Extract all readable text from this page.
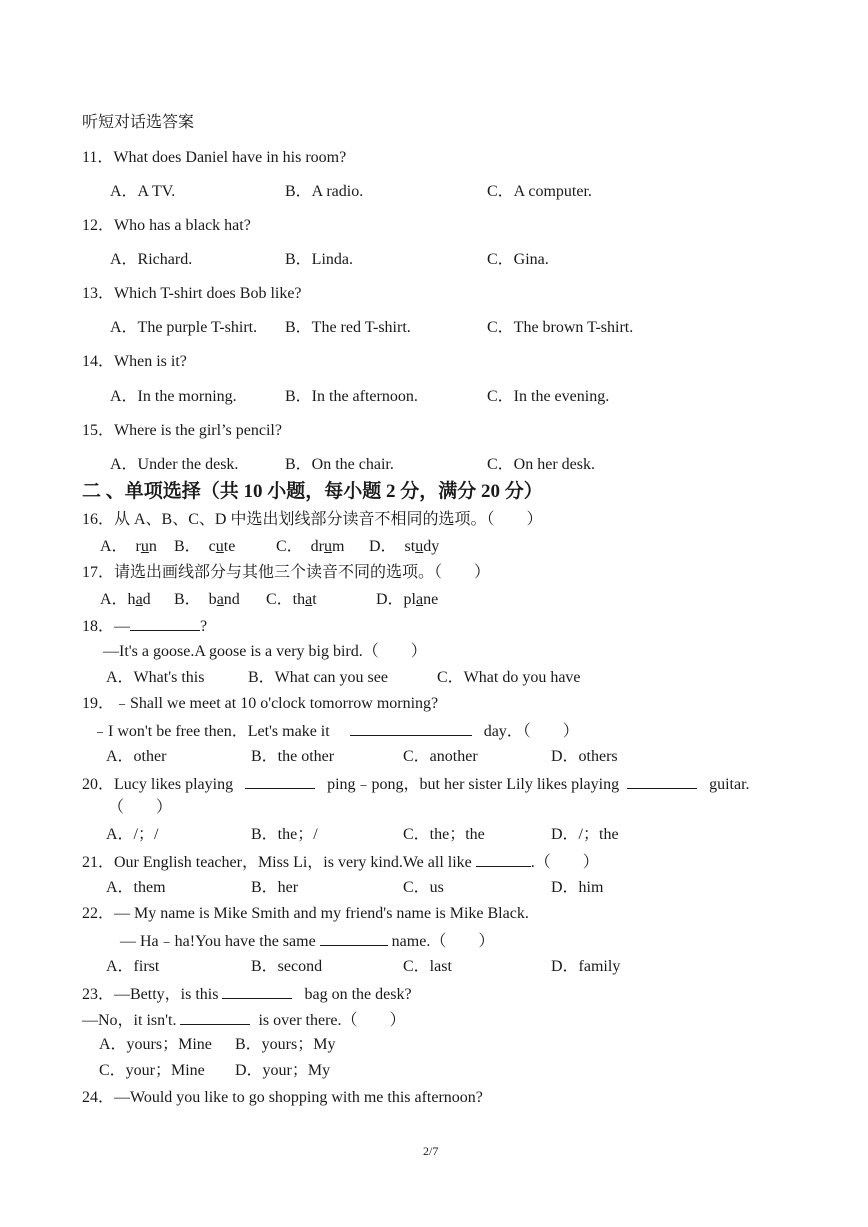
听短对话选答案
11．What does Daniel have in his room?
A．A TV.	B．A radio.	C．A computer.
12．Who has a black hat?
A．Richard.	B．Linda.	C．Gina.
13．Which T-shirt does Bob like?
A．The purple T-shirt. B．The red T-shirt.	C．The brown T-shirt.
14．When is it?
A．In the morning.	B．In the afternoon.	C．In the evening.
15．Where is the girl’s pencil?
A．Under the desk.	B．On the chair.	C．On her desk.
二 、单项选择（共 10 小题，每小题 2 分，满分 20 分）
16．从 A、B、C、D 中选出划线部分读音不相同的选项。（　　）
A．　run B．　cute	C．　drum D．　study
17．请选出画线部分与其他三个读音不同的选项。（　　）
A．had B．　band C．that	D．plane
18．—	?
—It's a goose.A goose is a very big bird.（　　）
A．What's this	B．What can you see	C．What do you have
19．﹣Shall we meet at 10 o'clock tomorrow morning?
﹣I won't be free then．Let's make it	day．（　　）
A．other	B．the other	C．another	D．others
20．Lucy likes playing	ping﹣pong，but her sister Lily likes playing	guitar.
（　　）
A．/；/	B．the；/	C．the；the	D．/；the
21．Our English teacher，Miss Li，is very kind.We all like	.（　　）
A．them	B．her	C．us	D．him
22．— My name is Mike Smith and my friend's name is Mike Black.
— Ha﹣ha!You have the same	name.（　　）
A．first	B．second	C．last	D．family
23．—Betty，is this	bag on the desk?
—No，it isn't.	is over there.（　　）
A．yours；Mine B．yours；My
C．your；Mine D．your；My
24．—Would you like to go shopping with me this afternoon?
2/7
